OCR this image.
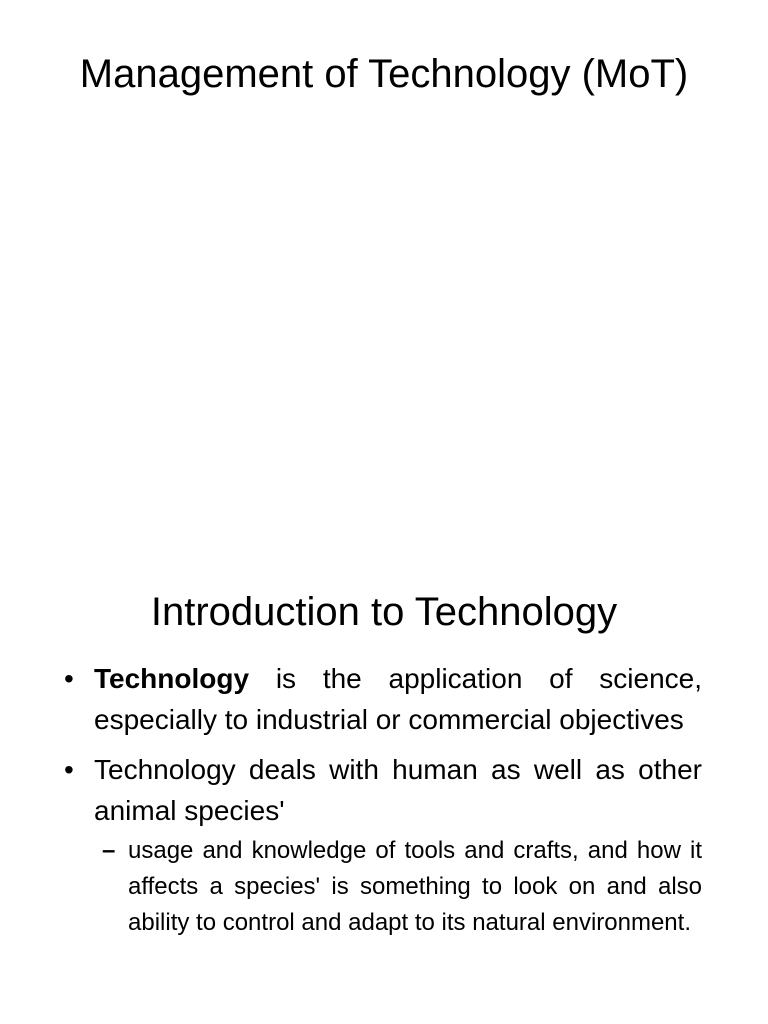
Management of Technology (MoT)
Introduction to Technology
• Technology is the application of science, especially to industrial or commercial objectives
• Technology deals with human as well as other animal species'
– usage and knowledge of tools and crafts, and how it affects a species' is something to look on and also ability to control and adapt to its natural environment.
